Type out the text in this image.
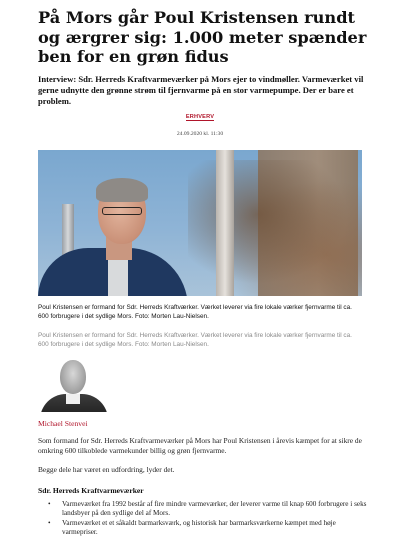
På Mors går Poul Kristensen rundt og ærgrer sig: 1.000 meter spænder ben for en grøn fidus

Interview: Sdr. Herreds Kraftvarmeværker på Mors ejer to vindmøller. Varmeværket vil gerne udnytte den grønne strøm til fjernvarme på en stor varmepumpe. Der er bare et problem.

ERHVERV
24.09.2020 kl. 11:30
Poul Kristensen er formand for Sdr. Herreds Kraftværker. Værket leverer via fire lokale værker fjernvarme til ca. 600 forbrugere i det sydlige Mors. Foto: Morten Lau-Nielsen.
Poul Kristensen er formand for Sdr. Herreds Kraftværker. Værket leverer via fire lokale værker fjernvarme til ca. 600 forbrugere i det sydlige Mors. Foto: Morten Lau-Nielsen.
Michael Stenvei

Som formand for Sdr. Herreds Kraftvarmeværker på Mors har Poul Kristensen i årevis kæmpet for at sikre de omkring 600 tilkoblede varmekunder billig og grøn fjernvarme.

Begge dele har været en udfordring, lyder det.

Sdr. Herreds Kraftvarmeværker
• Varmeværket fra 1992 består af fire mindre varmeværker, der leverer varme til knap 600 forbrugere i seks landsbyer på den sydlige del af Mors.
• Varmeværket et et såkaldt barmarksværk, og historisk har barmarksværkerne kæmpet med høje varmepriser.
